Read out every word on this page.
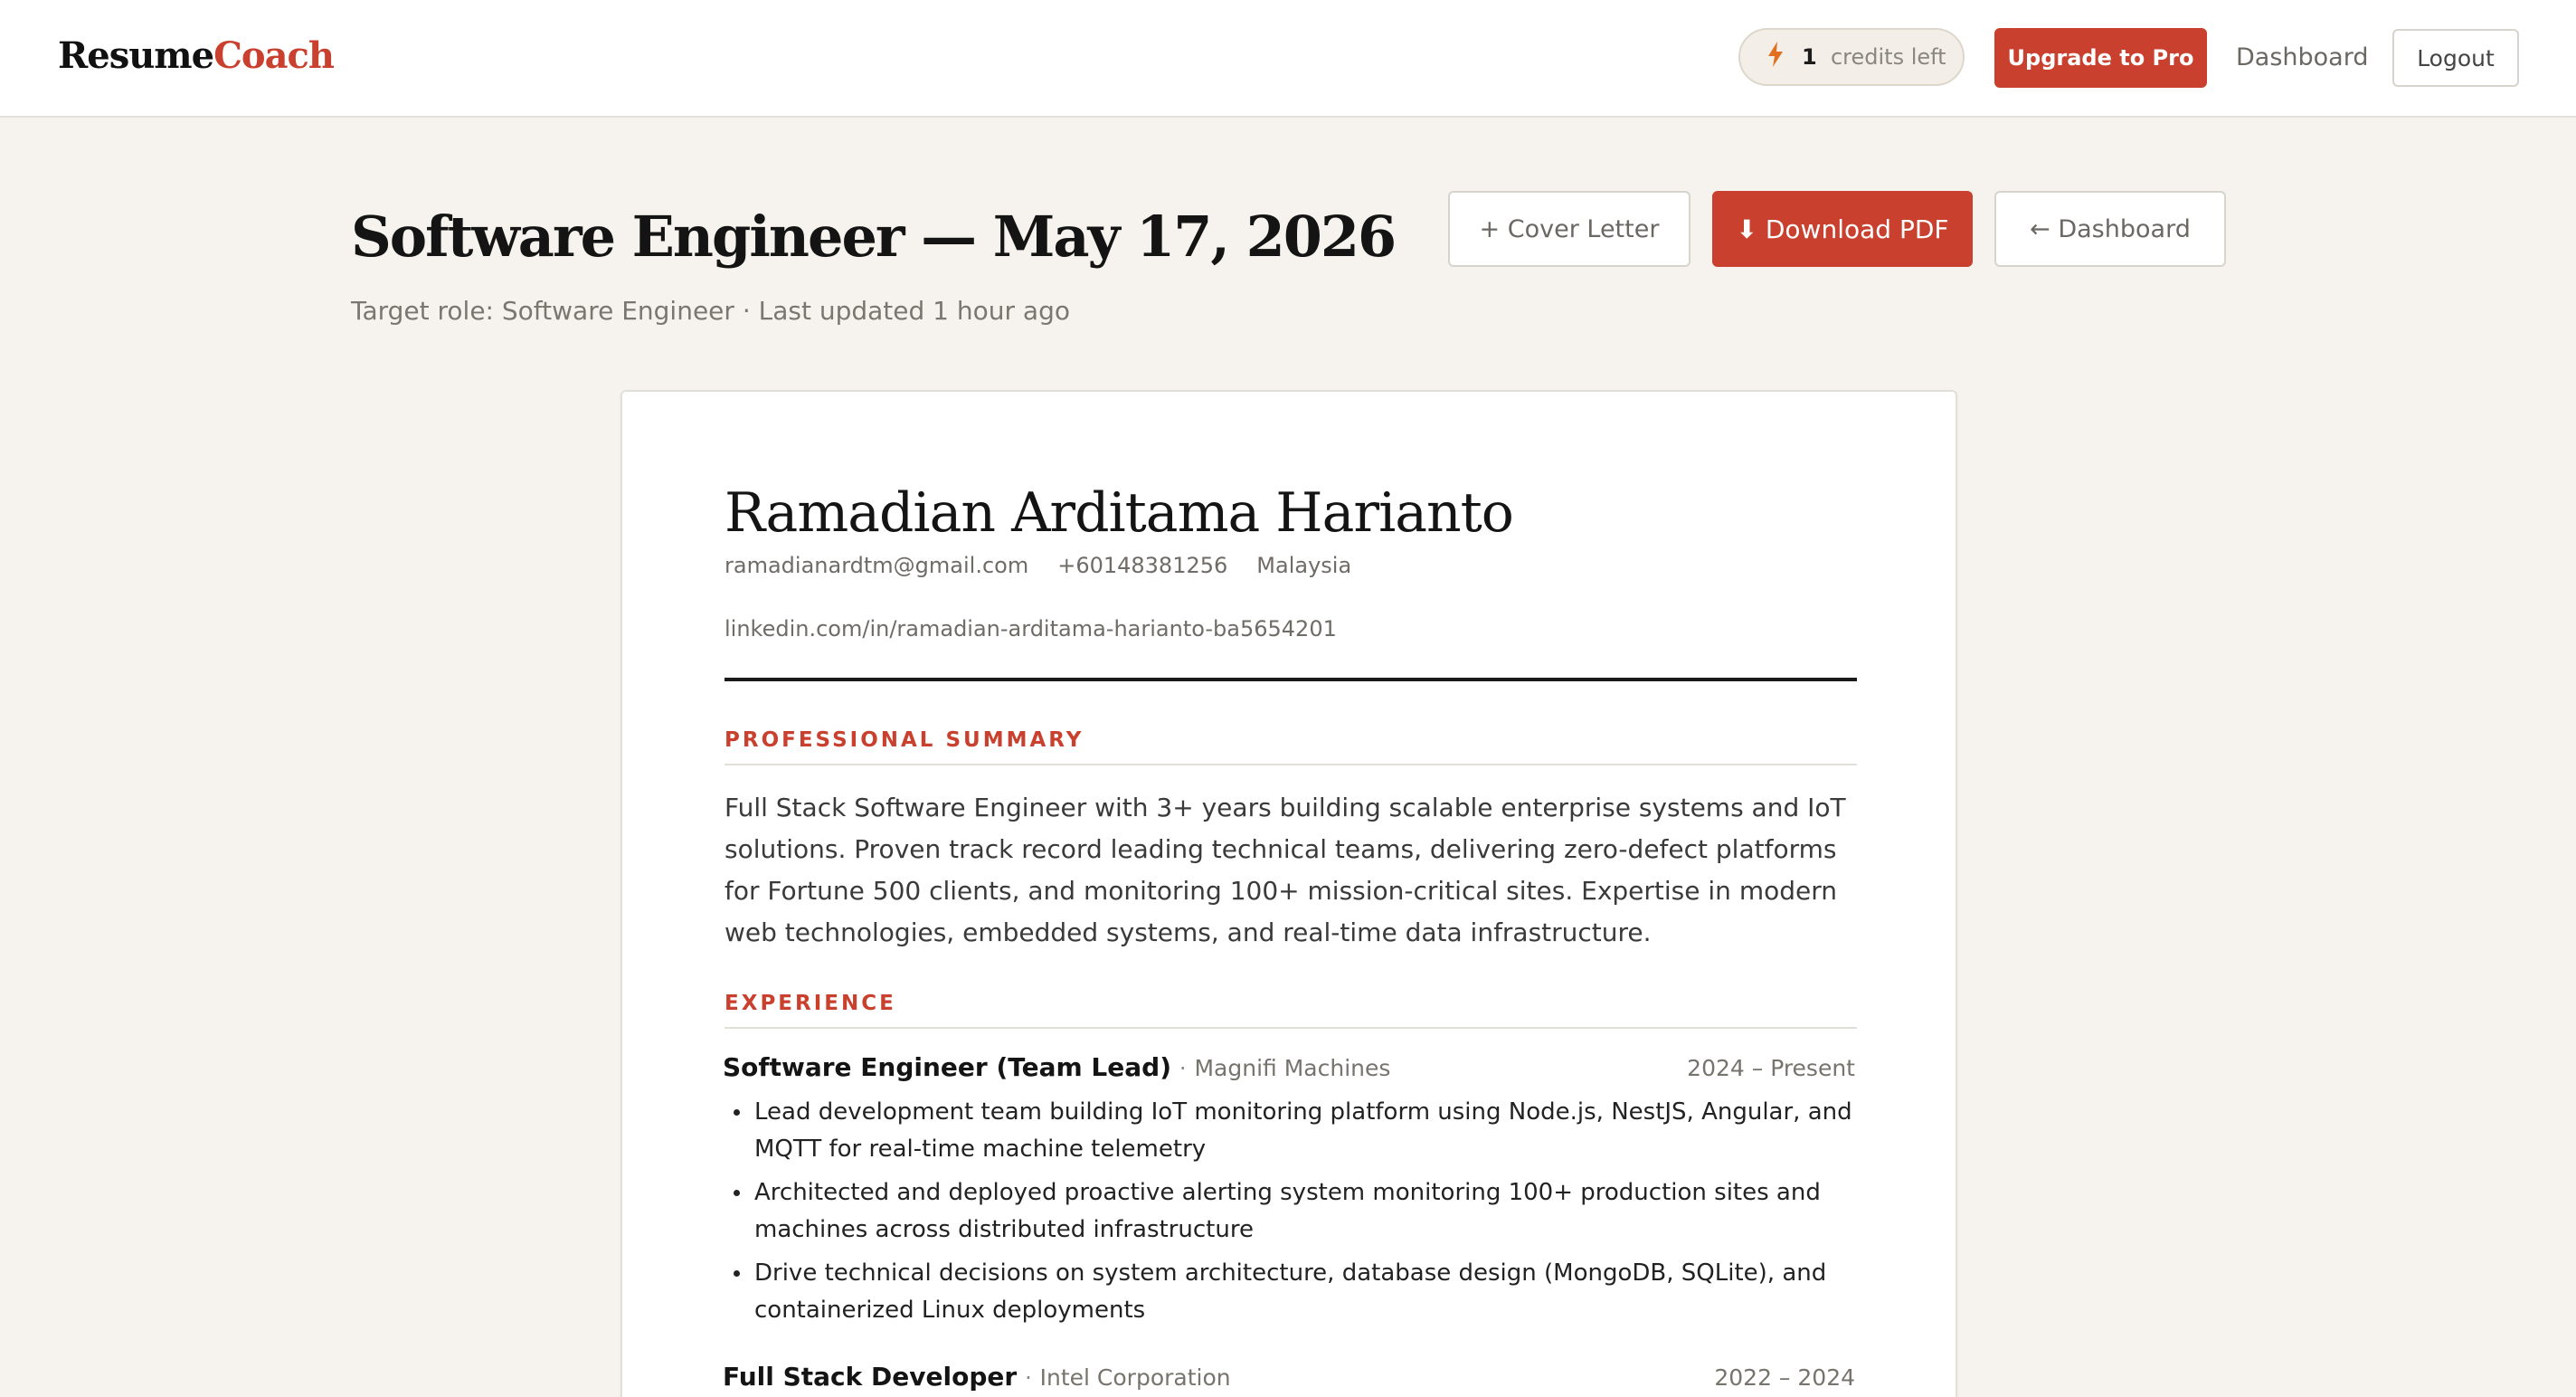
ResumeCoach	1 credits left	Upgrade to Pro	Dashboard	Logout
Software Engineer — May 17, 2026
Target role: Software Engineer · Last updated 1 hour ago
+ Cover Letter	⬇ Download PDF	← Dashboard
Ramadian Arditama Harianto
ramadianardtm@gmail.com +60148381256 Malaysia
linkedin.com/in/ramadian-arditama-harianto-ba5654201
PROFESSIONAL SUMMARY

Full Stack Software Engineer with 3+ years building scalable enterprise systems and IoT solutions. Proven track record leading technical teams, delivering zero-defect platforms for Fortune 500 clients, and monitoring 100+ mission-critical sites. Expertise in modern web technologies, embedded systems, and real-time data infrastructure.

EXPERIENCE
Software Engineer (Team Lead) · Magnifi Machines	2024 – Present
Lead development team building IoT monitoring platform using Node.js, NestJS, Angular, and MQTT for real-time machine telemetry
Architected and deployed proactive alerting system monitoring 100+ production sites and machines across distributed infrastructure
Drive technical decisions on system architecture, database design (MongoDB, SQLite), and containerized Linux deployments
Full Stack Developer · Intel Corporation	2022 – 2024
